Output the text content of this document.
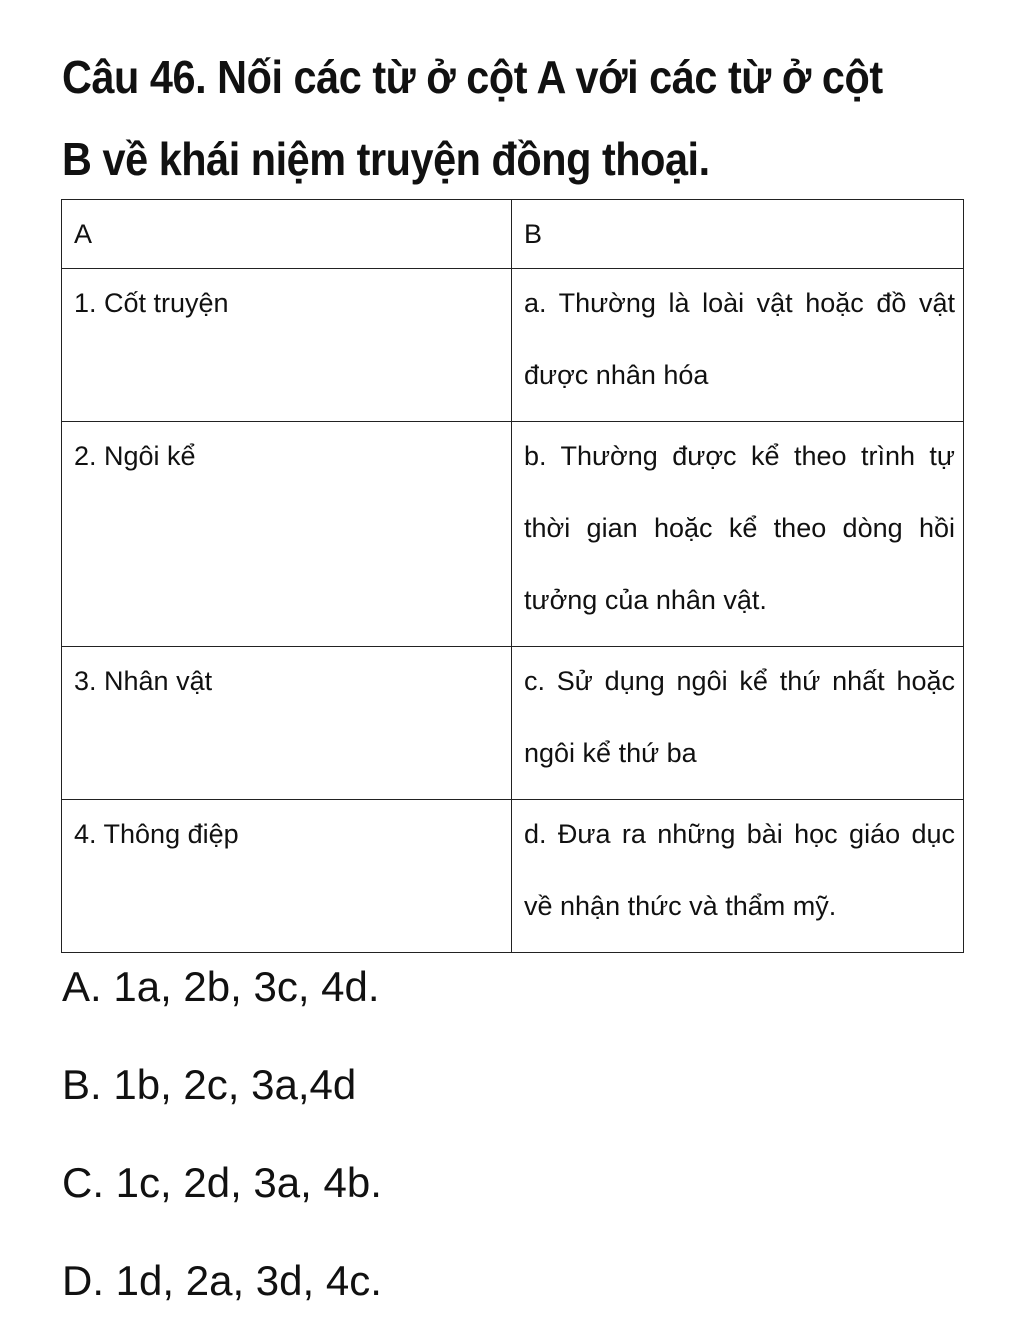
Câu 46. Nối các từ ở cột A với các từ ở cột
B về khái niệm truyện đồng thoại.
A	B

1. Cốt truyện	a. Thường là loài vật hoặc đồ vật được nhân hóa

2. Ngôi kể	b. Thường được kể theo trình tự thời gian hoặc kể theo dòng hồi tưởng của nhân vật.

3. Nhân vật	c. Sử dụng ngôi kể thứ nhất hoặc ngôi kể thứ ba

4. Thông điệp	d. Đưa ra những bài học giáo dục về nhận thức và thẩm mỹ.
A. 1a, 2b, 3c, 4d.
B. 1b, 2c, 3a,4d
C. 1c, 2d, 3a, 4b.
D. 1d, 2a, 3d, 4c.
